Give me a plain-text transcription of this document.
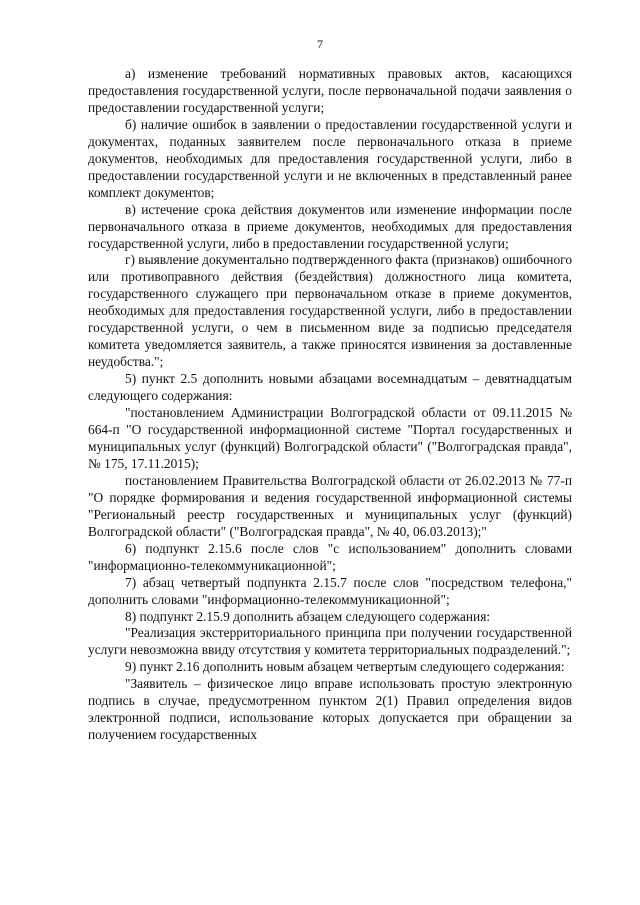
7

а) изменение требований нормативных правовых актов, касающихся предоставления государственной услуги, после первоначальной подачи заявления о предоставлении государственной услуги;

б) наличие ошибок в заявлении о предоставлении государственной услуги и документах, поданных заявителем после первоначального отказа в приеме документов, необходимых для предоставления государственной услуги, либо в предоставлении государственной услуги и не включенных в представленный ранее комплект документов;

в) истечение срока действия документов или изменение информации после первоначального отказа в приеме документов, необходимых для предоставления государственной услуги, либо в предоставлении государственной услуги;

г) выявление документально подтвержденного факта (признаков) ошибочного или противоправного действия (бездействия) должностного лица комитета, государственного служащего при первоначальном отказе в приеме документов, необходимых для предоставления государственной услуги, либо в предоставлении государственной услуги, о чем в письменном виде за подписью председателя комитета уведомляется заявитель, а также приносятся извинения за доставленные неудобства.";

5) пункт 2.5 дополнить новыми абзацами восемнадцатым – девятнадцатым следующего содержания:

"постановлением Администрации Волгоградской области от 09.11.2015 № 664-п "О государственной информационной системе "Портал государственных и муниципальных услуг (функций) Волгоградской области" ("Волгоградская правда", № 175, 17.11.2015);

постановлением Правительства Волгоградской области от 26.02.2013 № 77-п "О порядке формирования и ведения государственной информационной системы "Региональный реестр государственных и муниципальных услуг (функций) Волгоградской области" ("Волгоградская правда", № 40, 06.03.2013);"

6) подпункт 2.15.6 после слов "с использованием" дополнить словами "информационно-телекоммуникационной";

7) абзац четвертый подпункта 2.15.7 после слов "посредством телефона," дополнить словами "информационно-телекоммуникационной";

8) подпункт 2.15.9 дополнить абзацем следующего содержания:

"Реализация экстерриториального принципа при получении государственной услуги невозможна ввиду отсутствия у комитета территориальных подразделений.";

9) пункт 2.16 дополнить новым абзацем четвертым следующего содержания:

"Заявитель – физическое лицо вправе использовать простую электронную подпись в случае, предусмотренном пунктом 2(1) Правил определения видов электронной подписи, использование которых допускается при обращении за получением государственных
